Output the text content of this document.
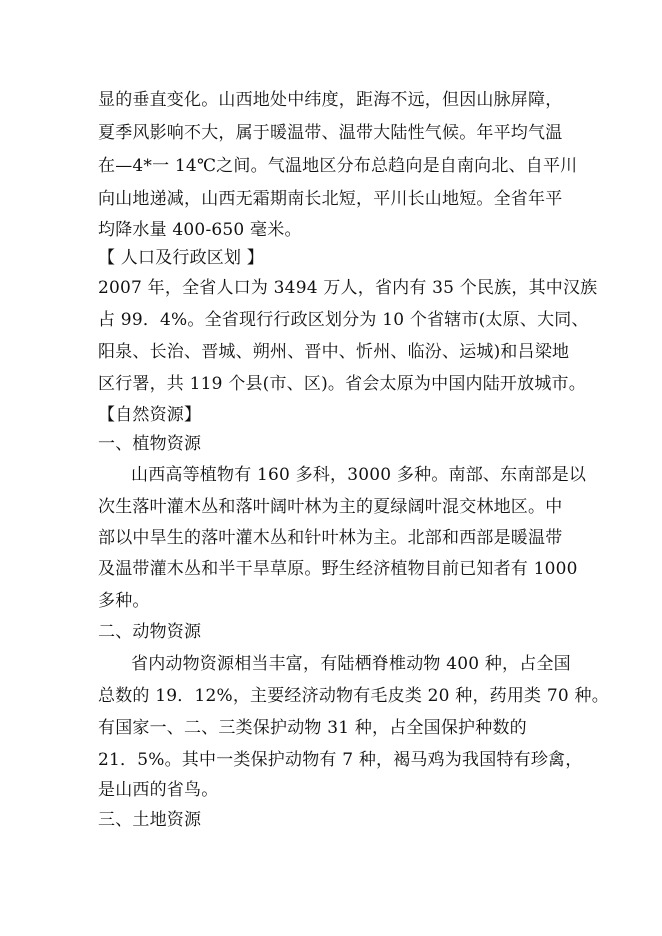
显的垂直变化。山西地处中纬度，距海不远，但因山脉屏障，
夏季风影响不大，属于暖温带、温带大陆性气候。年平均气温
在—4*一 14℃之间。气温地区分布总趋向是自南向北、自平川
向山地递减，山西无霜期南长北短，平川长山地短。全省年平
均降水量 400-650 毫米。
【 人口及行政区划 】
2007 年，全省人口为 3494 万人，省内有 35 个民族，其中汉族
占 99．4%。全省现行行政区划分为 10 个省辖市(太原、大同、
阳泉、长治、晋城、朔州、晋中、忻州、临汾、运城)和吕梁地
区行署，共 119 个县(市、区)。省会太原为中国内陆开放城市。
【自然资源】
一、植物资源
山西高等植物有 160 多科，3000 多种。南部、东南部是以
次生落叶灌木丛和落叶阔叶林为主的夏绿阔叶混交林地区。中
部以中旱生的落叶灌木丛和针叶林为主。北部和西部是暖温带
及温带灌木丛和半干旱草原。野生经济植物目前已知者有 1000
多种。
二、动物资源
省内动物资源相当丰富，有陆栖脊椎动物 400 种，占全国
总数的 19．12%，主要经济动物有毛皮类 20 种，药用类 70 种。
有国家一、二、三类保护动物 31 种，占全国保护种数的
21．5%。其中一类保护动物有 7 种，褐马鸡为我国特有珍禽，
是山西的省鸟。
三、土地资源
